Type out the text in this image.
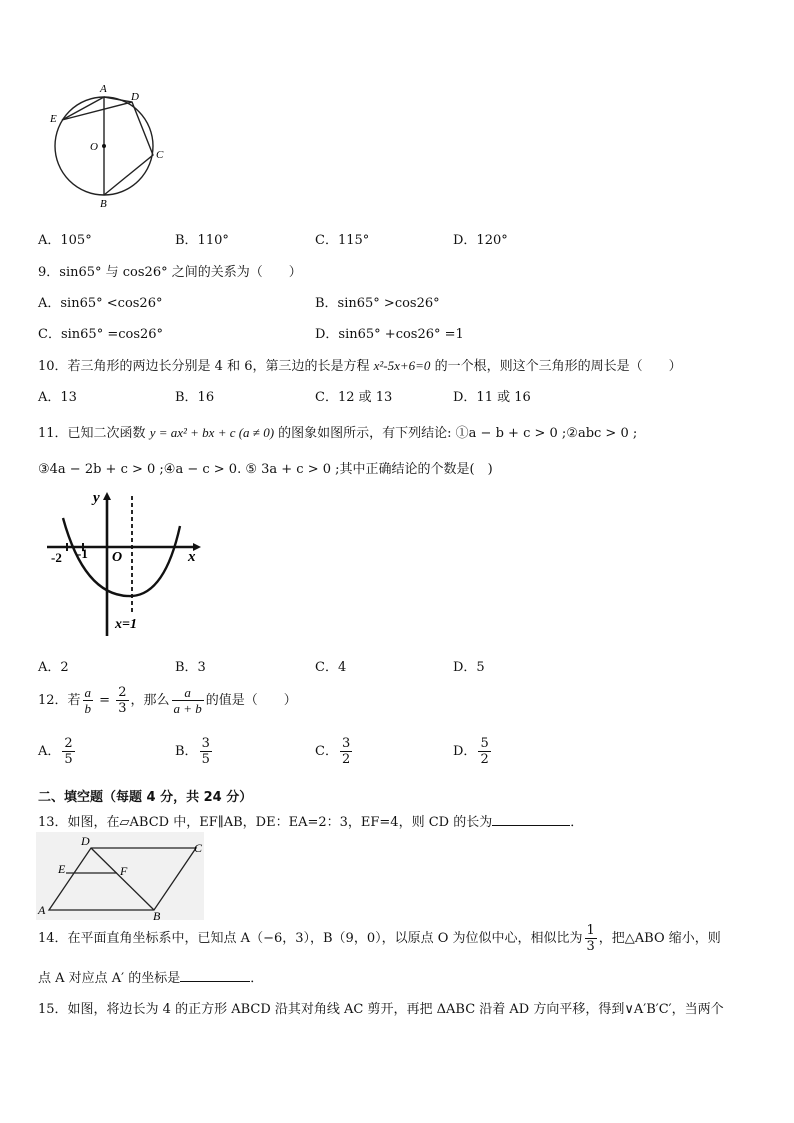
A
D
E
O
C
B
A．105°	B．110°	C．115°	D．120°
9．sin65° 与 cos26° 之间的关系为（　　）
A．sin65° <cos26°	B．sin65° >cos26°
C．sin65° =cos26°	D．sin65° +cos26° =1
10．若三角形的两边长分别是 4 和 6，第三边的长是方程 x²-5x+6=0 的一个根，则这个三角形的周长是（　　）
A．13	B．16	C．12 或 13	D．11 或 16
11．已知二次函数 y = ax² + bx + c (a ≠ 0) 的图象如图所示，有下列结论: ①a − b + c > 0 ;②abc > 0 ;
③4a − 2b + c > 0 ;④a − c > 0. ⑤ 3a + c > 0 ;其中正确结论的个数是(　)
y
x
O
-2 -1
x=1
A．2	B．3	C．4	D．5
12．若 $\frac{a}{b} = \frac{2}{3}$ ，那么 $\frac{a}{a + b}$ 的值是（　　）
A． $\frac{2}{5}$	B． $\frac{3}{5}$	C． $\frac{3}{2}$	D． $\frac{5}{2}$
二、填空题（每题 4 分，共 24 分）
13．如图，在▱ABCD 中，EF∥AB，DE：EA=2：3，EF=4，则 CD 的长为	．
D	C
E	F
A	B
14．在平面直角坐标系中，已知点 A（−6，3），B（9，0），以原点 O 为位似中心，相似比为 $\frac{1}{3}$ ，把△ABO 缩小，则
点 A 对应点 A′ 的坐标是	．
15．如图，将边长为 4 的正方形 ABCD 沿其对角线 AC 剪开，再把 ΔABC 沿着 AD 方向平移，得到∨A′B′C′，当两个
